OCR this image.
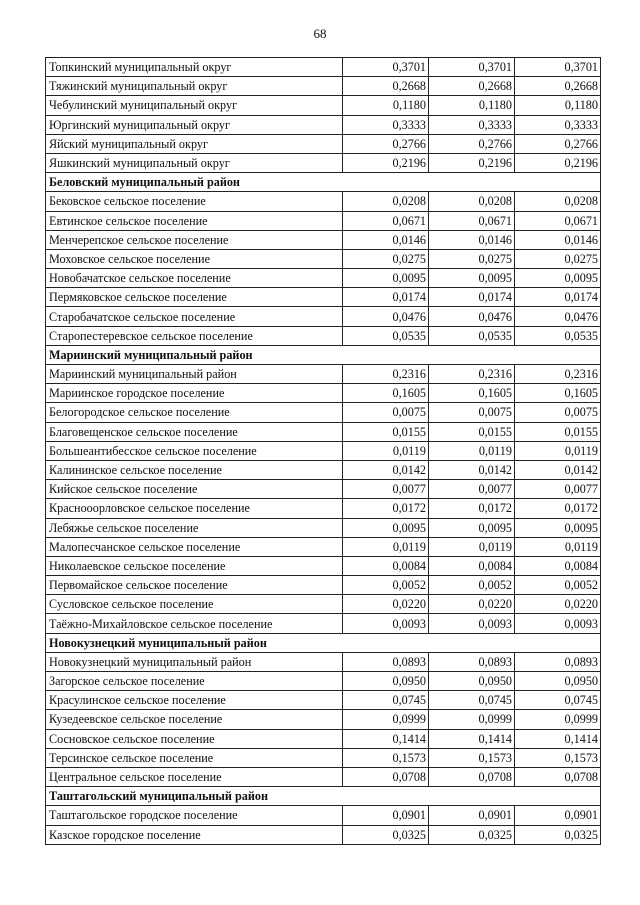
68
Топкинский муниципальный округ	0,3701	0,3701	0,3701
Тяжинский муниципальный округ	0,2668	0,2668	0,2668
Чебулинский муниципальный округ	0,1180	0,1180	0,1180
Юргинский муниципальный округ	0,3333	0,3333	0,3333
Яйский муниципальный округ	0,2766	0,2766	0,2766
Яшкинский муниципальный округ	0,2196	0,2196	0,2196
Беловский муниципальный район			
Бековское сельское поселение	0,0208	0,0208	0,0208
Евтинское сельское поселение	0,0671	0,0671	0,0671
Менчерепское сельское поселение	0,0146	0,0146	0,0146
Моховское сельское поселение	0,0275	0,0275	0,0275
Новобачатское сельское поселение	0,0095	0,0095	0,0095
Пермяковское сельское поселение	0,0174	0,0174	0,0174
Старобачатское сельское поселение	0,0476	0,0476	0,0476
Старопестеревское сельское поселение	0,0535	0,0535	0,0535
Мариинский муниципальный район			
Мариинский муниципальный район	0,2316	0,2316	0,2316
Мариинское городское поселение	0,1605	0,1605	0,1605
Белогородское сельское поселение	0,0075	0,0075	0,0075
Благовещенское сельское поселение	0,0155	0,0155	0,0155
Большеантибесское сельское поселение	0,0119	0,0119	0,0119
Калининское сельское поселение	0,0142	0,0142	0,0142
Кийское сельское поселение	0,0077	0,0077	0,0077
Краснооорловское сельское поселение	0,0172	0,0172	0,0172
Лебяжье сельское поселение	0,0095	0,0095	0,0095
Малопесчанское сельское поселение	0,0119	0,0119	0,0119
Николаевское сельское поселение	0,0084	0,0084	0,0084
Первомайское сельское поселение	0,0052	0,0052	0,0052
Сусловское сельское поселение	0,0220	0,0220	0,0220
Таёжно-Михайловское сельское поселение	0,0093	0,0093	0,0093
Новокузнецкий муниципальный район			
Новокузнецкий муниципальный район	0,0893	0,0893	0,0893
Загорское сельское поселение	0,0950	0,0950	0,0950
Красулинское сельское поселение	0,0745	0,0745	0,0745
Кузедеевское сельское поселение	0,0999	0,0999	0,0999
Сосновское сельское поселение	0,1414	0,1414	0,1414
Терсинское сельское поселение	0,1573	0,1573	0,1573
Центральное сельское поселение	0,0708	0,0708	0,0708
Таштагольский муниципальный район			
Таштагольское городское поселение	0,0901	0,0901	0,0901
Казское городское поселение	0,0325	0,0325	0,0325
